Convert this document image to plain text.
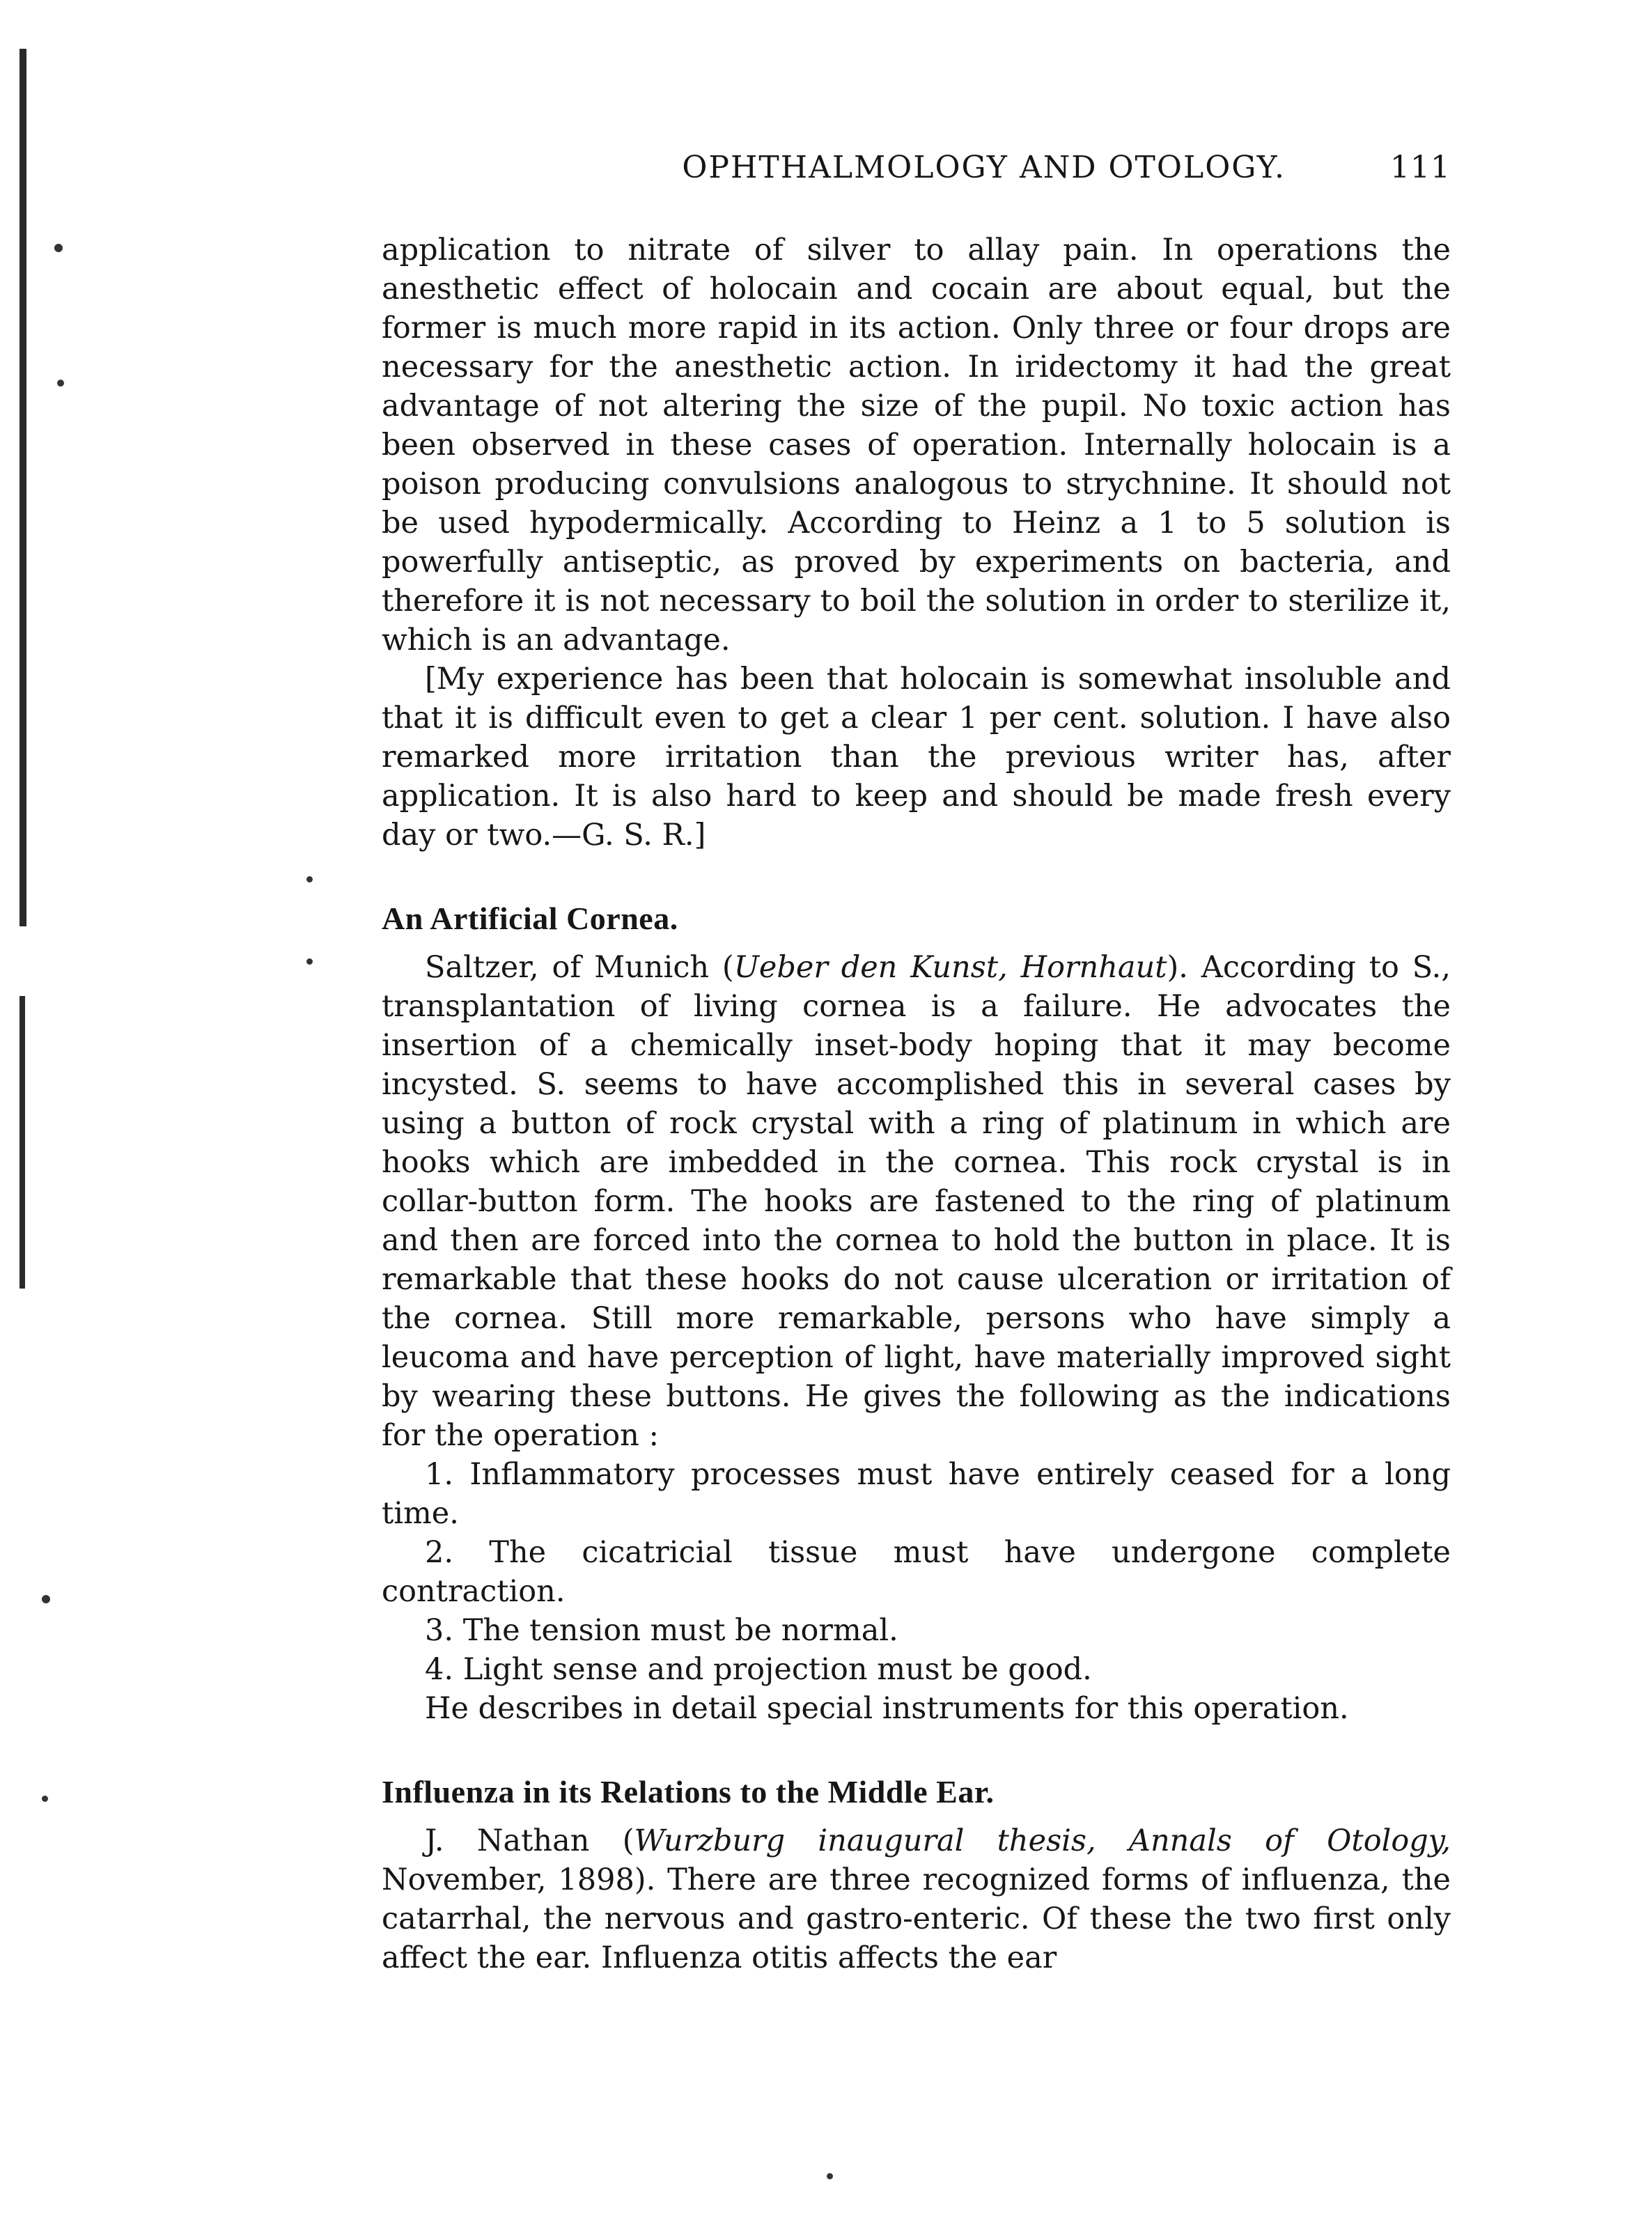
OPHTHALMOLOGY AND OTOLOGY.	111

application to nitrate of silver to allay pain. In operations the anesthetic effect of holocain and cocain are about equal, but the former is much more rapid in its action. Only three or four drops are necessary for the anesthetic action. In iridectomy it had the great advantage of not altering the size of the pupil. No toxic action has been observed in these cases of operation. Internally holocain is a poison producing convulsions analogous to strychnine. It should not be used hypodermically. According to Heinz a 1 to 5 solution is powerfully antiseptic, as proved by experiments on bacteria, and therefore it is not necessary to boil the solution in order to sterilize it, which is an advantage.

[My experience has been that holocain is somewhat insoluble and that it is difficult even to get a clear 1 per cent. solution. I have also remarked more irritation than the previous writer has, after application. It is also hard to keep and should be made fresh every day or two.—G. S. R.]

An Artificial Cornea.

Saltzer, of Munich (Ueber den Kunst, Hornhaut). According to S., transplantation of living cornea is a failure. He advocates the insertion of a chemically inset-body hoping that it may become incysted. S. seems to have accomplished this in several cases by using a button of rock crystal with a ring of platinum in which are hooks which are imbedded in the cornea. This rock crystal is in collar-button form. The hooks are fastened to the ring of platinum and then are forced into the cornea to hold the button in place. It is remarkable that these hooks do not cause ulceration or irritation of the cornea. Still more remarkable, persons who have simply a leucoma and have perception of light, have materially improved sight by wearing these buttons. He gives the following as the indications for the operation :

1. Inflammatory processes must have entirely ceased for a long time.

2. The cicatricial tissue must have undergone complete contraction.

3. The tension must be normal.

4. Light sense and projection must be good.

He describes in detail special instruments for this operation.

Influenza in its Relations to the Middle Ear.

J. Nathan (Wurzburg inaugural thesis, Annals of Otology, November, 1898). There are three recognized forms of influenza, the catarrhal, the nervous and gastro-enteric. Of these the two first only affect the ear. Influenza otitis affects the ear
